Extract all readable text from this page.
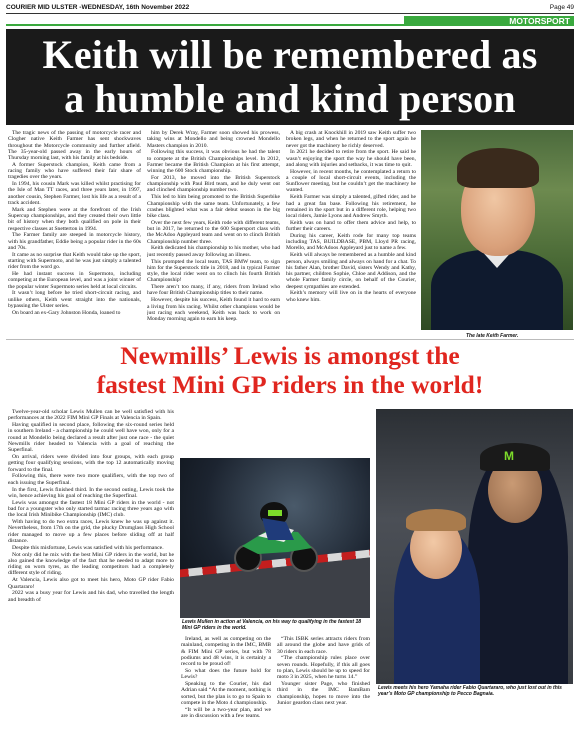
COURIER MID ULSTER -WEDNESDAY, 16th November 2022	Page 49
MOTORSPORT
Keith will be remembered as
a humble and kind person

The tragic news of the passing of motorcycle racer and Clogher native Keith Farmer has sent shockwaves throughout the Motorcycle community and further afield. The 35-year-old passed away in the early hours of Thursday morning last, with his family at his bedside.

A former Superstock champion, Keith came from a racing family who have suffered their fair share of tragedies over the years.

In 1994, his cousin Mark was killed whilst practising for the Isle of Man TT races, and three years later, in 1997, another cousin, Stephen Farmer, lost his life as a result of a track accident.

Mark and Stephen were at the forefront of the Irish Supercup championships, and they created their own little bit of history when they both qualified on pole in their respective classes at Snetterton in 1994.

The Farmer family are steeped in motorcycle history, with his grandfather, Eddie being a popular rider in the 60s and 70s.

It came as no surprise that Keith would take up the sport, starting with Supermoto, and he was just simply a talented rider from the word go.

He had instant success in Supermoto, including competing at the European level, and was a joint winner of the popular winter Supermoto series held at local circuits.

It wasn’t long before he tried short-circuit racing, and unlike others, Keith went straight into the nationals, bypassing the Ulster series.

On board an ex-Gary Johnston Honda, loaned to

him by Derek Wray, Farmer soon showed his prowess, taking wins at Mondello and being crowned Mondello Masters champion in 2010.

Following this success, it was obvious he had the talent to compete at the British Championships level. In 2012, Farmer became the British Champion at his first attempt, winning the 600 Stock championship.

For 2013, he moved into the British Superstock championship with Paul Bird team, and he duly went out and clinched championship number two.

This led to him being promoted to the British Superbike Championship with the same team. Unfortunately, a few crashes blighted what was a fair debut season in the big bike class.

Over the next few years, Keith rode with different teams, but in 2017, he returned to the 600 Supersport class with the McAdoo Appleyard team and went on to clinch British Championship number three.

Keith dedicated his championship to his mother, who had just recently passed away following an illness.

This prompted the local team, TAS BMW team, to sign him for the Superstock title in 2018, and in typical Farmer style, the local rider went on to clinch his fourth British Championship!

There aren’t too many, if any, riders from Ireland who have four British Championship titles to their name.

However, despite his success, Keith found it hard to earn a living from his racing. Whilst other champions would be just racing each weekend, Keith was back to work on Monday morning again to earn his keep.

A big crash at Knockhill in 2019 saw Keith suffer two broken legs, and when he returned to the sport again he never got the machinery he richly deserved.

In 2021 he decided to retire from the sport. He said he wasn’t enjoying the sport the way he should have been, and along with injuries and setbacks, it was time to quit.

However, in recent months, he contemplated a return to a couple of local short-circuit events, including the Sunflower meeting, but he couldn’t get the machinery he wanted.

Keith Farmer was simply a talented, gifted rider, and he had a great fan base. Following his retirement, he remained in the sport but in a different role, helping two local riders, Jamie Lyons and Andrew Smyth.

Keith was on hand to offer them advice and help, to further their careers.

During his career, Keith rode for many top teams including TAS, BUILDBASE, PBM, Lloyd PR racing, Morello, and McAdoos Appleyard just to name a few.

Keith will always be remembered as a humble and kind person, always smiling and always on hand for a chat. To his father Alan, brother David, sisters Wendy and Kathy, his partner, children Sophie, Chloe and Addison, and the whole Farmer family circle, on behalf of the Courier, deepest sympathies are extended.

Keith’s memory will live on in the hearts of everyone who knew him.

The late Keith Farmer.
Newmills’ Lewis is amongst the
fastest Mini GP riders in the world!

Twelve-year-old scholar Lewis Mullen can be well satisfied with his performances at the 2022 FIM Mini GP Finals at Valencia in Spain.

Having qualified in second place, following the six-round series held in southern Ireland - a championship he could well have won, only for a round at Mondello being declared a result after just one race - the quiet Newmills rider headed to Valencia with a goal of reaching the Superfinal.

On arrival, riders were divided into four groups, with each group getting four qualifying sessions, with the top 12 automatically moving forward to the final.

Following this, there were two more qualifiers, with the top two of each issuing the Superfinal.

In the first, Lewis finished third. In the second outing, Lewis took the win, hence achieving his goal of reaching the Superfinal.

Lewis was amongst the fastest 18 Mini GP riders in the world - not bad for a youngster who only started tarmac racing three years ago with the local Irish Minibike Championship (IMC) club.

With having to do two extra races, Lewis knew he was up against it. Nevertheless, from 17th on the grid, the plucky Drumglass High School rider managed to move up a few places before sliding off at half distance.

Despite this misfortune, Lewis was satisfied with his performance.

Not only did he mix with the best Mini GP riders in the world, but he also gained the knowledge of the fact that he needed to adapt more to riding on worn tyres, as the leading competitors had a completely different style of riding.

At Valencia, Lewis also got to meet his hero, Moto GP rider Fabio Quartararo!

2022 was a busy year for Lewis and his dad, who travelled the length and breadth of

Lewis Mullen in action at Valencia, on his way to qualifying in the fastest 18 Mini GP riders in the world.

Ireland, as well as competing on the mainland, competing in the IMC, BMB & FIM Mini GP series, but with 78 podiums and 48 wins, it is certainly a record to be proud of!

So what does the future hold for Lewis?

Speaking to the Courier, his dad Adrian said “At the moment, nothing is sorted, but the plan is to go to Spain to compete in the Moto 4 championship.

“It will be a two-year plan, and we are in discussion with a few teams.

“This ISBK series attracts riders from all around the globe and have grids of 30 riders in each race.

“The championship rules place over seven rounds. Hopefully, if this all goes to plan, Lewis should be up to speed for moto 3 in 2025, when he turns 14.”

Younger sister Page, who finished third in the IMC BamBam championship, hopes to move into the Junior geardon class next year.

M
Lewis meets his hero Yamaha rider Fabio Quartararo, who just lost out in this year’s Moto GP championship to Pecco Bagnaia.
